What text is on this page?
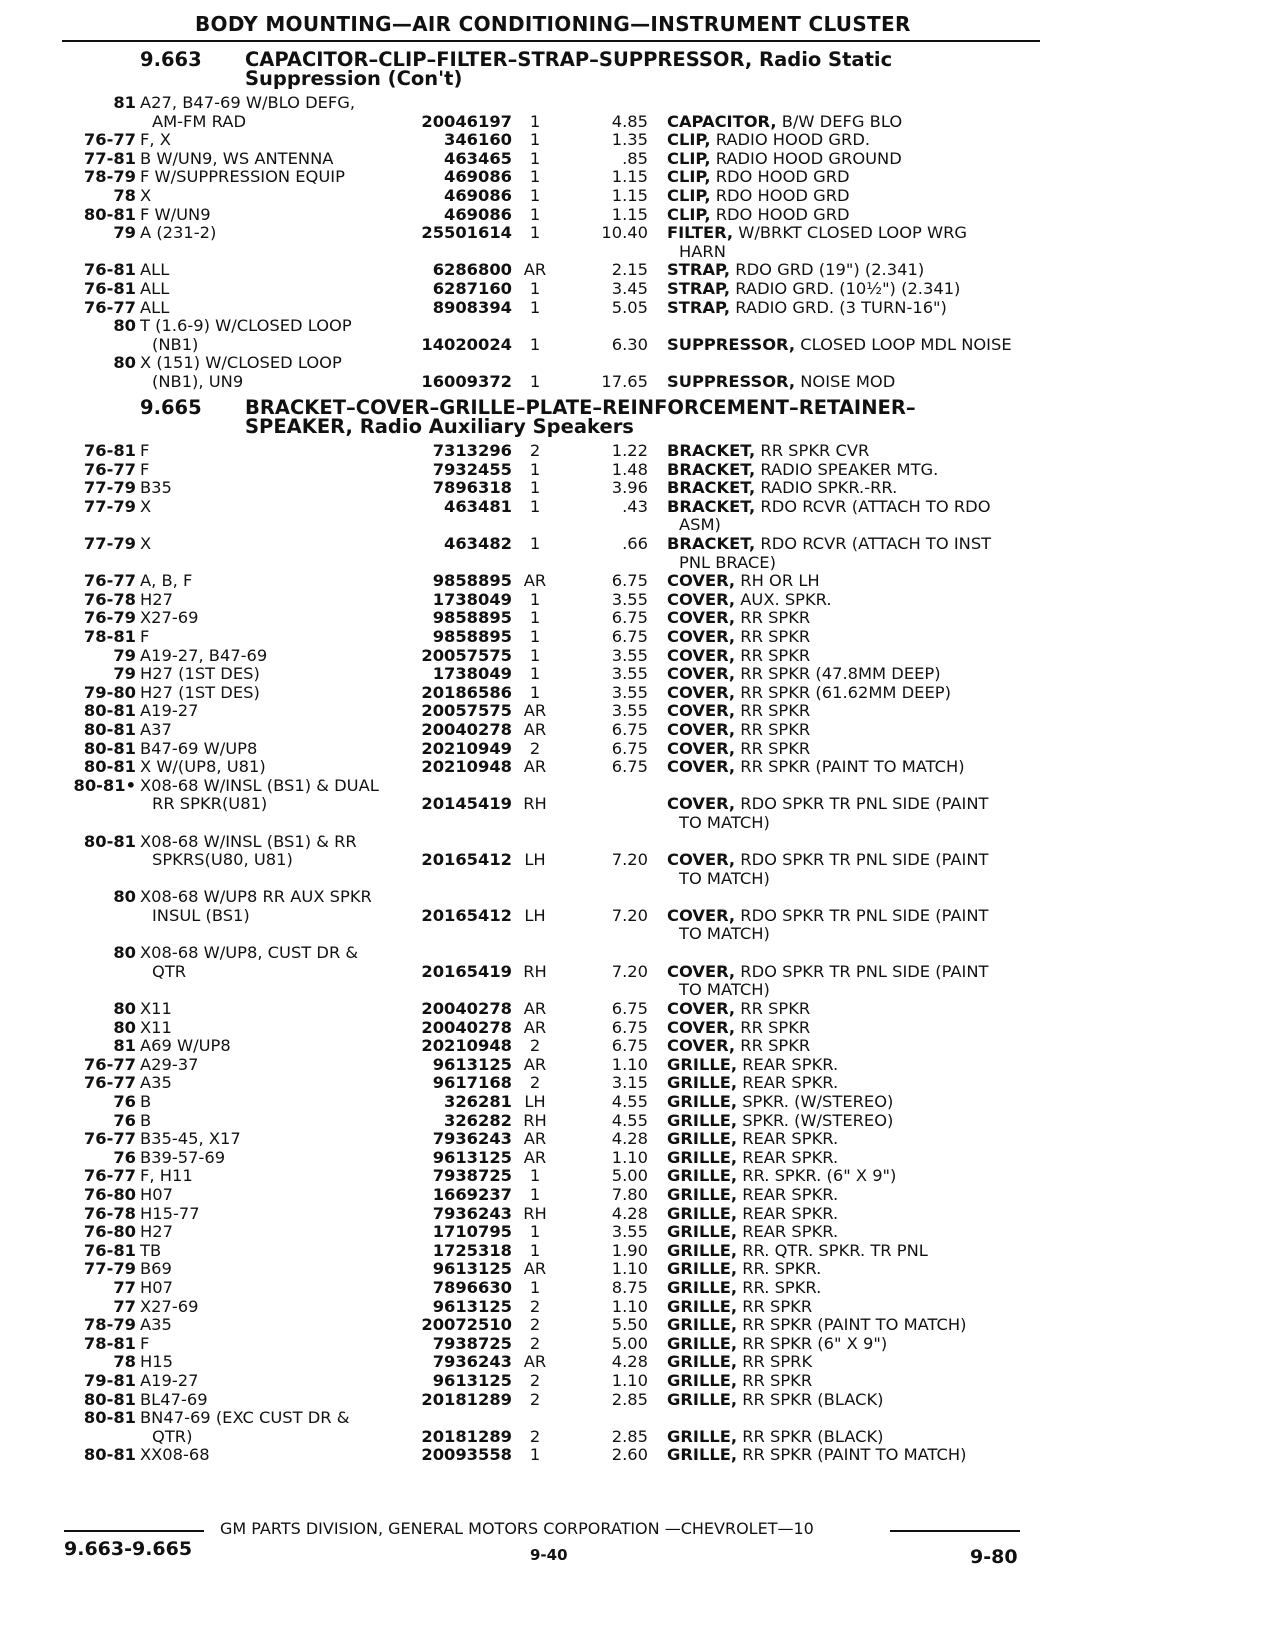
BODY MOUNTING—AIR CONDITIONING—INSTRUMENT CLUSTER
9.663 CAPACITOR–CLIP–FILTER–STRAP–SUPPRESSOR, Radio Static
Suppression (Con't)
81 A27, B47-69 W/BLO DEFG,
AM-FM RAD	20046197	1	4.85 CAPACITOR, B/W DEFG BLO
76-77 F, X	346160	1	1.35 CLIP, RADIO HOOD GRD.
77-81 B W/UN9, WS ANTENNA	463465	1	.85 CLIP, RADIO HOOD GROUND
78-79 F W/SUPPRESSION EQUIP	469086	1	1.15 CLIP, RDO HOOD GRD
78 X	469086	1	1.15 CLIP, RDO HOOD GRD
80-81 F W/UN9	469086	1	1.15 CLIP, RDO HOOD GRD
79 A (231-2)	25501614	1	10.40 FILTER, W/BRKT CLOSED LOOP WRG
HARN
76-81 ALL	6286800 AR	2.15 STRAP, RDO GRD (19") (2.341)
76-81 ALL	6287160	1	3.45 STRAP, RADIO GRD. (10½") (2.341)
76-77 ALL	8908394	1	5.05 STRAP, RADIO GRD. (3 TURN-16")
80 T (1.6-9) W/CLOSED LOOP
(NB1)	14020024	1	6.30 SUPPRESSOR, CLOSED LOOP MDL NOISE
80 X (151) W/CLOSED LOOP
(NB1), UN9	16009372	1	17.65 SUPPRESSOR, NOISE MOD
9.665 BRACKET–COVER–GRILLE–PLATE–REINFORCEMENT–RETAINER–
SPEAKER, Radio Auxiliary Speakers
76-81 F	7313296	2	1.22 BRACKET, RR SPKR CVR
76-77 F	7932455	1	1.48 BRACKET, RADIO SPEAKER MTG.
77-79 B35	7896318	1	3.96 BRACKET, RADIO SPKR.-RR.
77-79 X	463481	1	.43 BRACKET, RDO RCVR (ATTACH TO RDO
ASM)
77-79 X	463482	1	.66 BRACKET, RDO RCVR (ATTACH TO INST
PNL BRACE)
76-77 A, B, F	9858895 AR	6.75 COVER, RH OR LH
76-78 H27	1738049	1	3.55 COVER, AUX. SPKR.
76-79 X27-69	9858895	1	6.75 COVER, RR SPKR
78-81 F	9858895	1	6.75 COVER, RR SPKR
79 A19-27, B47-69	20057575	1	3.55 COVER, RR SPKR
79 H27 (1ST DES)	1738049	1	3.55 COVER, RR SPKR (47.8MM DEEP)
79-80 H27 (1ST DES)	20186586	1	3.55 COVER, RR SPKR (61.62MM DEEP)
80-81 A19-27	20057575 AR	3.55 COVER, RR SPKR
80-81 A37	20040278 AR	6.75 COVER, RR SPKR
80-81 B47-69 W/UP8	20210949	2	6.75 COVER, RR SPKR
80-81 X W/(UP8, U81)	20210948 AR	6.75 COVER, RR SPKR (PAINT TO MATCH)
80-81• X08-68 W/INSL (BS1) & DUAL
RR SPKR(U81)	20145419 RH	COVER, RDO SPKR TR PNL SIDE (PAINT
TO MATCH)
80-81 X08-68 W/INSL (BS1) & RR
SPKRS(U80, U81)	20165412 LH	7.20 COVER, RDO SPKR TR PNL SIDE (PAINT
TO MATCH)
80 X08-68 W/UP8 RR AUX SPKR
INSUL (BS1)	20165412 LH	7.20 COVER, RDO SPKR TR PNL SIDE (PAINT
TO MATCH)
80 X08-68 W/UP8, CUST DR &
QTR	20165419 RH	7.20 COVER, RDO SPKR TR PNL SIDE (PAINT
TO MATCH)
80 X11	20040278 AR	6.75 COVER, RR SPKR
80 X11	20040278 AR	6.75 COVER, RR SPKR
81 A69 W/UP8	20210948	2	6.75 COVER, RR SPKR
76-77 A29-37	9613125 AR	1.10 GRILLE, REAR SPKR.
76-77 A35	9617168	2	3.15 GRILLE, REAR SPKR.
76 B	326281 LH	4.55 GRILLE, SPKR. (W/STEREO)
76 B	326282 RH	4.55 GRILLE, SPKR. (W/STEREO)
76-77 B35-45, X17	7936243 AR	4.28 GRILLE, REAR SPKR.
76 B39-57-69	9613125 AR	1.10 GRILLE, REAR SPKR.
76-77 F, H11	7938725	1	5.00 GRILLE, RR. SPKR. (6" X 9")
76-80 H07	1669237	1	7.80 GRILLE, REAR SPKR.
76-78 H15-77	7936243 RH	4.28 GRILLE, REAR SPKR.
76-80 H27	1710795	1	3.55 GRILLE, REAR SPKR.
76-81 TB	1725318	1	1.90 GRILLE, RR. QTR. SPKR. TR PNL
77-79 B69	9613125 AR	1.10 GRILLE, RR. SPKR.
77 H07	7896630	1	8.75 GRILLE, RR. SPKR.
77 X27-69	9613125	2	1.10 GRILLE, RR SPKR
78-79 A35	20072510	2	5.50 GRILLE, RR SPKR (PAINT TO MATCH)
78-81 F	7938725	2	5.00 GRILLE, RR SPKR (6" X 9")
78 H15	7936243 AR	4.28 GRILLE, RR SPRK
79-81 A19-27	9613125	2	1.10 GRILLE, RR SPKR
80-81 BL47-69	20181289	2	2.85 GRILLE, RR SPKR (BLACK)
80-81 BN47-69 (EXC CUST DR &
QTR)	20181289	2	2.85 GRILLE, RR SPKR (BLACK)
80-81 XX08-68	20093558	1	2.60 GRILLE, RR SPKR (PAINT TO MATCH)
GM PARTS DIVISION, GENERAL MOTORS CORPORATION —CHEVROLET—10
9.663-9.665	9-40	9-80
